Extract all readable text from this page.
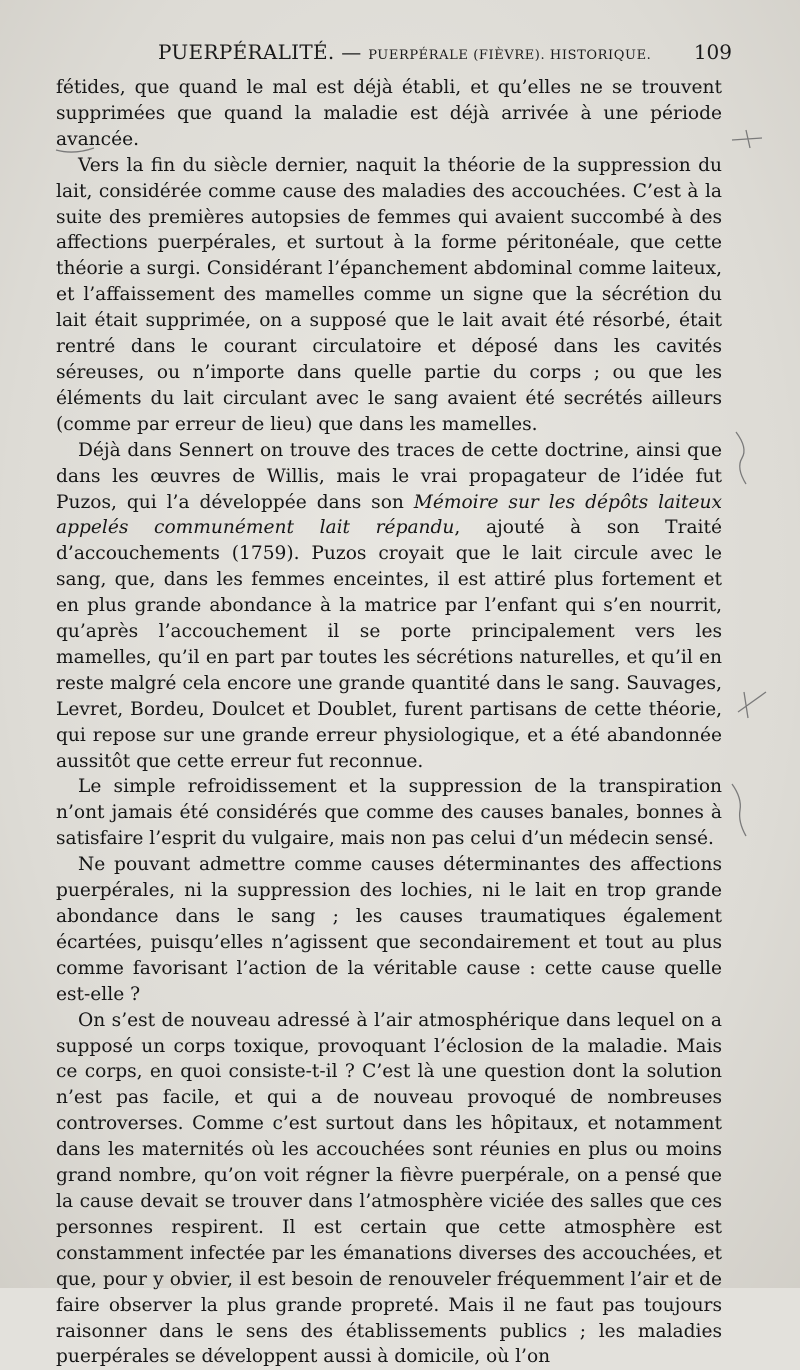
PUERPÉRALITÉ. — PUERPÉRALE (FIÈVRE). HISTORIQUE. 109

fétides, que quand le mal est déjà établi, et qu’elles ne se trouvent supprimées que quand la maladie est déjà arrivée à une période avancée.

Vers la fin du siècle dernier, naquit la théorie de la suppression du lait, considérée comme cause des maladies des accouchées. C’est à la suite des premières autopsies de femmes qui avaient succombé à des affections puerpérales, et surtout à la forme péritonéale, que cette théorie a surgi. Considérant l’épanchement abdominal comme laiteux, et l’affaissement des mamelles comme un signe que la sécrétion du lait était supprimée, on a supposé que le lait avait été résorbé, était rentré dans le courant circulatoire et déposé dans les cavités séreuses, ou n’importe dans quelle partie du corps ; ou que les éléments du lait circulant avec le sang avaient été secrétés ailleurs (comme par erreur de lieu) que dans les mamelles.

Déjà dans Sennert on trouve des traces de cette doctrine, ainsi que dans les œuvres de Willis, mais le vrai propagateur de l’idée fut Puzos, qui l’a développée dans son Mémoire sur les dépôts laiteux appelés communément lait répandu, ajouté à son Traité d’accouchements (1759). Puzos croyait que le lait circule avec le sang, que, dans les femmes enceintes, il est attiré plus fortement et en plus grande abondance à la matrice par l’enfant qui s’en nourrit, qu’après l’accouchement il se porte principalement vers les mamelles, qu’il en part par toutes les sécrétions naturelles, et qu’il en reste malgré cela encore une grande quantité dans le sang. Sauvages, Levret, Bordeu, Doulcet et Doublet, furent partisans de cette théorie, qui repose sur une grande erreur physiologique, et a été abandonnée aussitôt que cette erreur fut reconnue.

Le simple refroidissement et la suppression de la transpiration n’ont jamais été considérés que comme des causes banales, bonnes à satisfaire l’esprit du vulgaire, mais non pas celui d’un médecin sensé.

Ne pouvant admettre comme causes déterminantes des affections puerpérales, ni la suppression des lochies, ni le lait en trop grande abondance dans le sang ; les causes traumatiques également écartées, puisqu’elles n’agissent que secondairement et tout au plus comme favorisant l’action de la véritable cause : cette cause quelle est-elle ?

On s’est de nouveau adressé à l’air atmosphérique dans lequel on a supposé un corps toxique, provoquant l’éclosion de la maladie. Mais ce corps, en quoi consiste-t-il ? C’est là une question dont la solution n’est pas facile, et qui a de nouveau provoqué de nombreuses controverses. Comme c’est surtout dans les hôpitaux, et notamment dans les maternités où les accouchées sont réunies en plus ou moins grand nombre, qu’on voit régner la fièvre puerpérale, on a pensé que la cause devait se trouver dans l’atmosphère viciée des salles que ces personnes respirent. Il est certain que cette atmosphère est constamment infectée par les émanations diverses des accouchées, et que, pour y obvier, il est besoin de renouveler fréquemment l’air et de faire observer la plus grande propreté. Mais il ne faut pas toujours raisonner dans le sens des établissements publics ; les maladies puerpérales se développent aussi à domicile, où l’on
